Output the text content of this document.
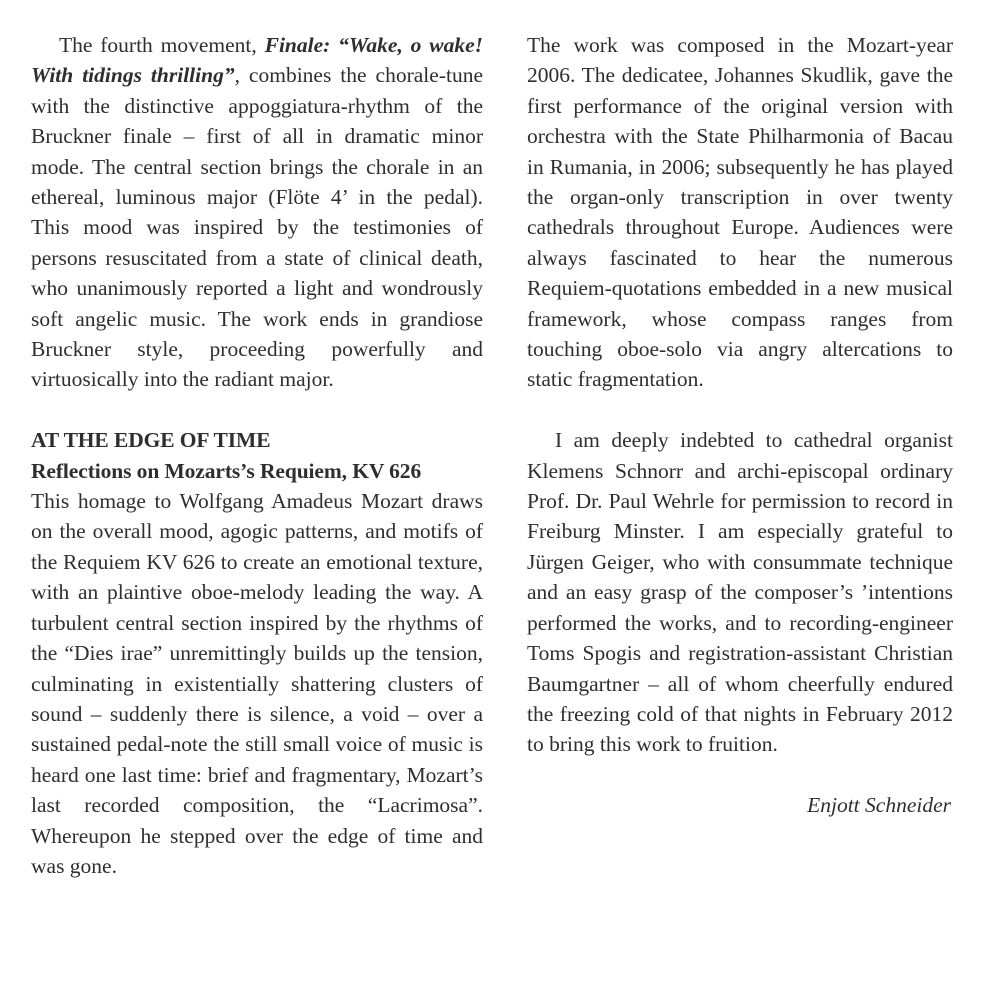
The fourth movement, Finale: “Wake, o wake! With tidings thrilling”, combines the chorale-tune with the distinctive appoggiatura-rhythm of the Bruckner finale – first of all in dramatic minor mode. The central section brings the chorale in an ethereal, luminous major (Flöte 4’ in the pedal). This mood was inspired by the testimonies of persons resuscitated from a state of clinical death, who unanimously reported a light and wondrously soft angelic music. The work ends in grandiose Bruckner style, proceeding powerfully and virtuosically into the radiant major.

AT THE EDGE OF TIME

Reflections on Mozarts’s Requiem, KV 626

This homage to Wolfgang Amadeus Mozart draws on the overall mood, agogic patterns, and motifs of the Requiem KV 626 to create an emotional texture, with an plaintive oboe-melody leading the way. A turbulent central section inspired by the rhythms of the “Dies irae” unremittingly builds up the tension, culminating in existentially shattering clusters of sound – suddenly there is silence, a void – over a sustained pedal-note the still small voice of music is heard one last time: brief and fragmentary, Mozart’s last recorded composition, the “Lacrimosa”. Whereupon he stepped over the edge of time and was gone.

The work was composed in the Mozart-year 2006. The dedicatee, Johannes Skudlik, gave the first performance of the original version with orchestra with the State Philharmonia of Bacau in Rumania, in 2006; subsequently he has played the organ-only transcription in over twenty cathedrals throughout Europe. Audiences were always fascinated to hear the numerous Requiem-quotations embedded in a new musical framework, whose compass ranges from touching oboe-solo via angry altercations to static fragmentation.

I am deeply indebted to cathedral organist Klemens Schnorr and archi-episcopal ordinary Prof. Dr. Paul Wehrle for permission to record in Freiburg Minster. I am especially grateful to Jürgen Geiger, who with consummate technique and an easy grasp of the composer’s ’intentions performed the works, and to recording-engineer Toms Spogis and registration-assistant Christian Baumgartner – all of whom cheerfully endured the freezing cold of that nights in February 2012 to bring this work to fruition.

Enjott Schneider
